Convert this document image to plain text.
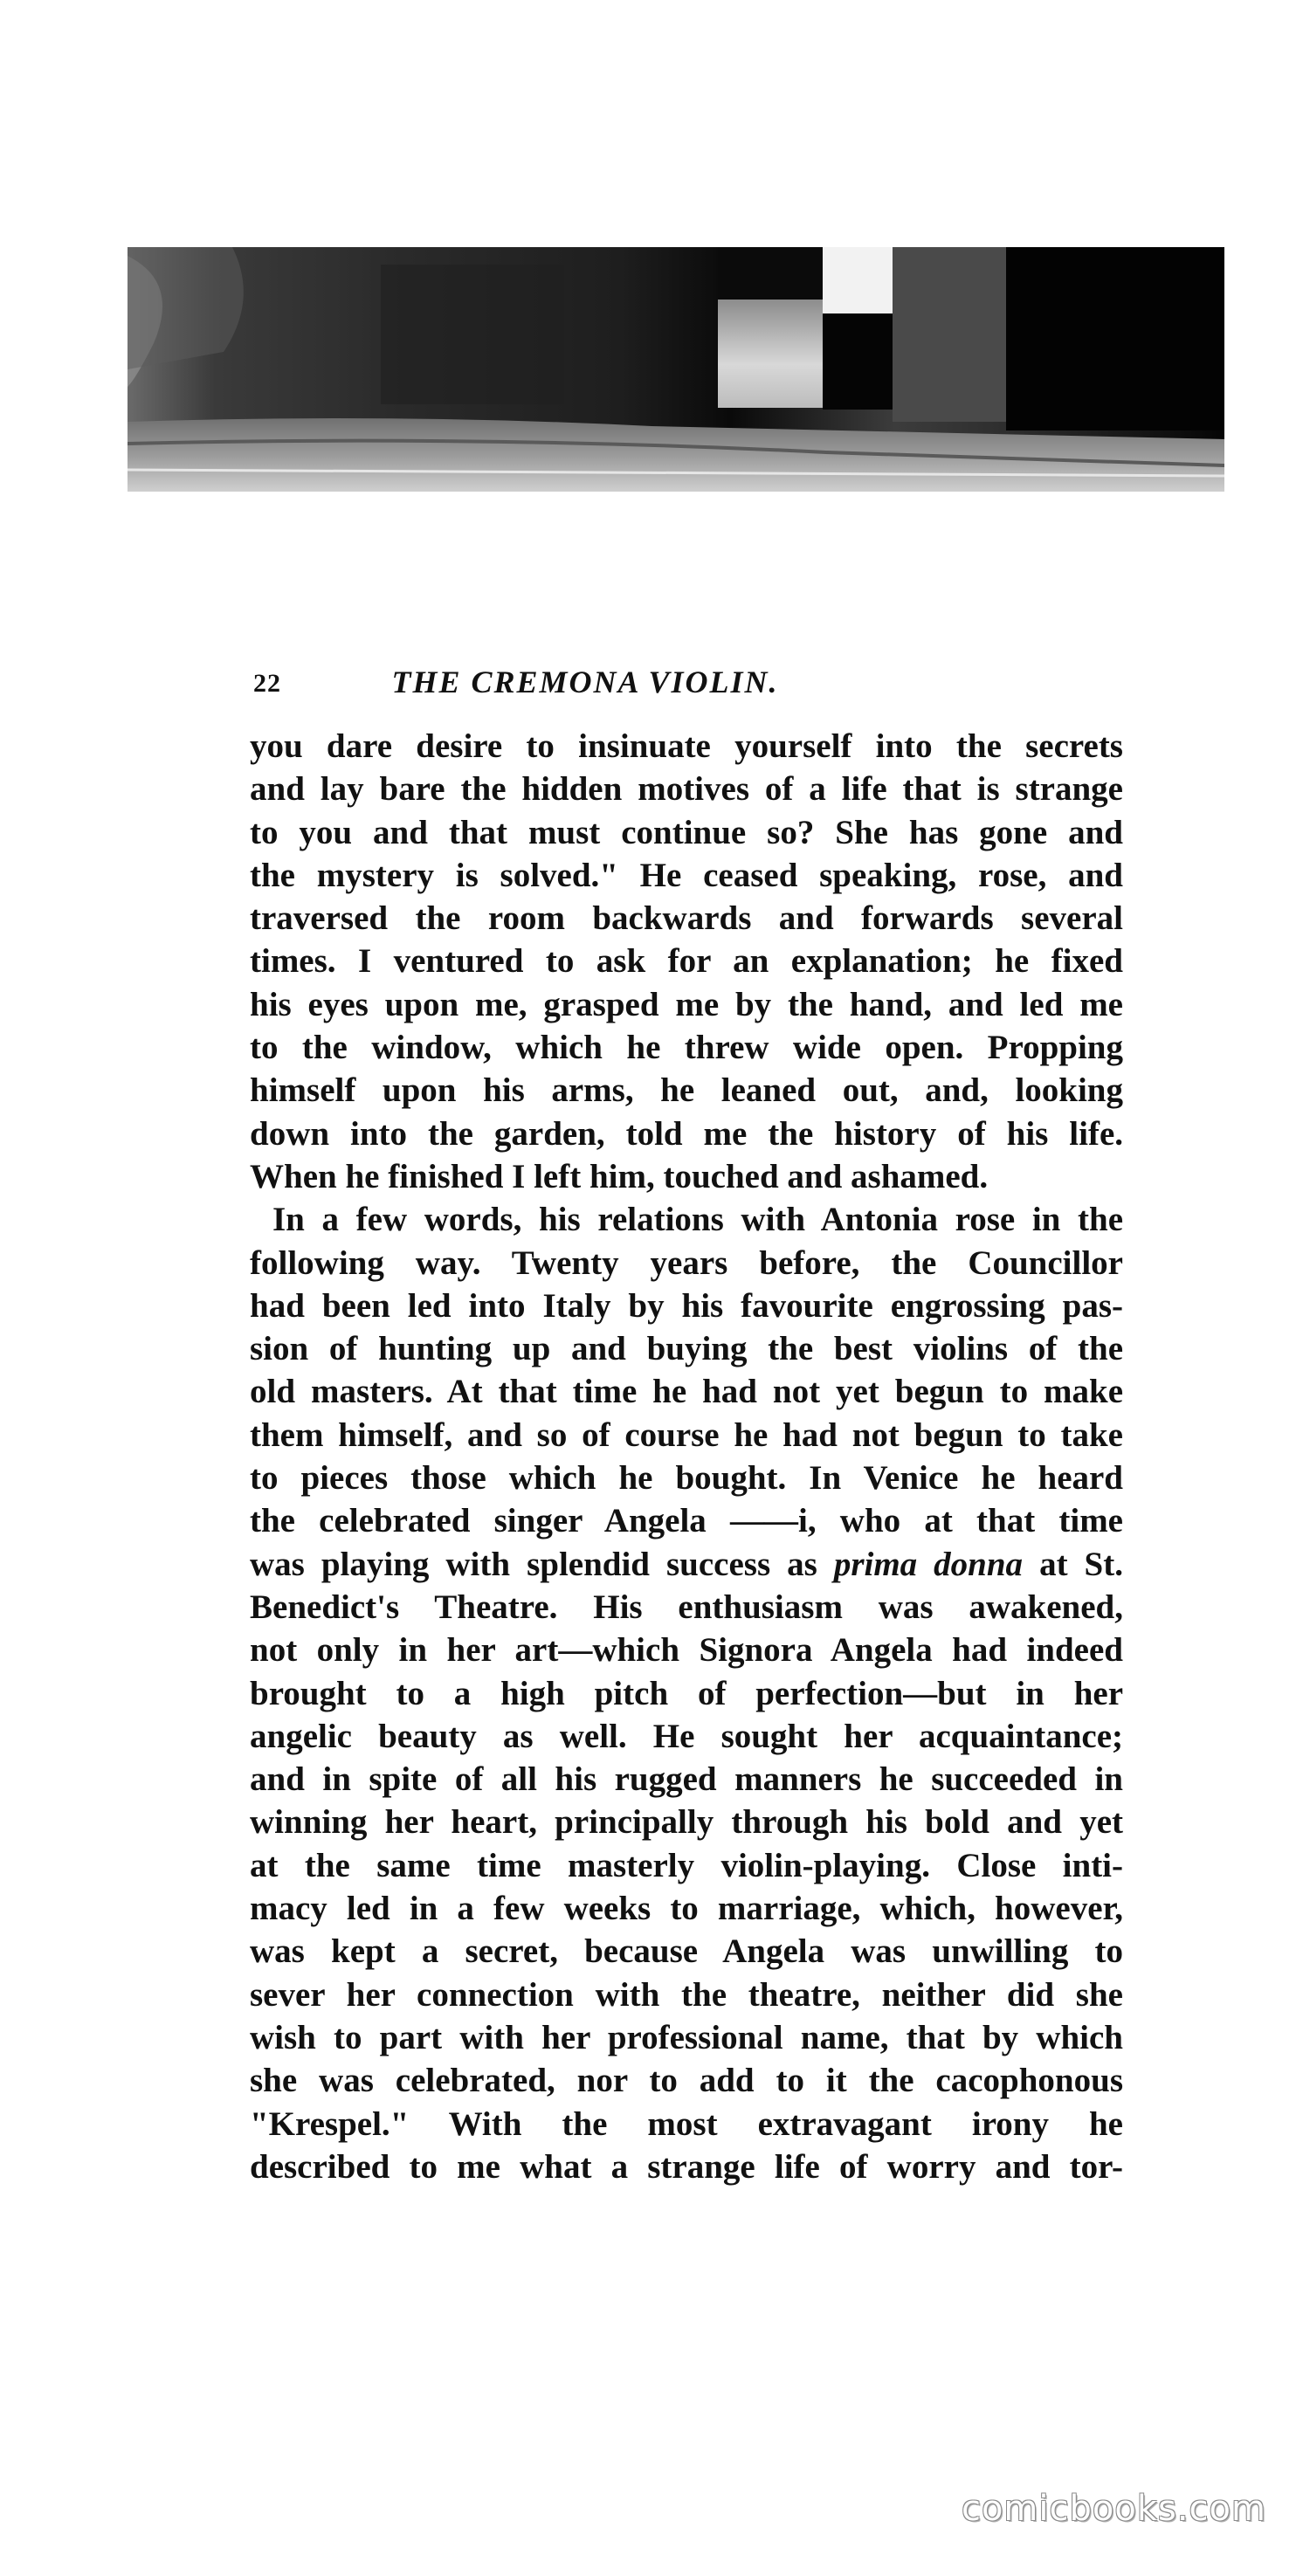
22	THE CREMONA VIOLIN.
you dare desire to insinuate yourself into the secrets
and lay bare the hidden motives of a life that is strange
to you and that must continue so? She has gone and
the mystery is solved." He ceased speaking, rose, and
traversed the room backwards and forwards several
times. I ventured to ask for an explanation; he fixed
his eyes upon me, grasped me by the hand, and led me
to the window, which he threw wide open. Propping
himself upon his arms, he leaned out, and, looking
down into the garden, told me the history of his life.
When he finished I left him, touched and ashamed.
In a few words, his relations with Antonia rose in the
following way. Twenty years before, the Councillor
had been led into Italy by his favourite engrossing pas-
sion of hunting up and buying the best violins of the
old masters. At that time he had not yet begun to make
them himself, and so of course he had not begun to take
to pieces those which he bought. In Venice he heard
the celebrated singer Angela ——i, who at that time
was playing with splendid success as prima donna at St.
Benedict's Theatre. His enthusiasm was awakened,
not only in her art—which Signora Angela had indeed
brought to a high pitch of perfection—but in her
angelic beauty as well. He sought her acquaintance;
and in spite of all his rugged manners he succeeded in
winning her heart, principally through his bold and yet
at the same time masterly violin-playing. Close inti-
macy led in a few weeks to marriage, which, however,
was kept a secret, because Angela was unwilling to
sever her connection with the theatre, neither did she
wish to part with her professional name, that by which
she was celebrated, nor to add to it the cacophonous
"Krespel." With the most extravagant irony he
described to me what a strange life of worry and tor-
comicbooks.com
